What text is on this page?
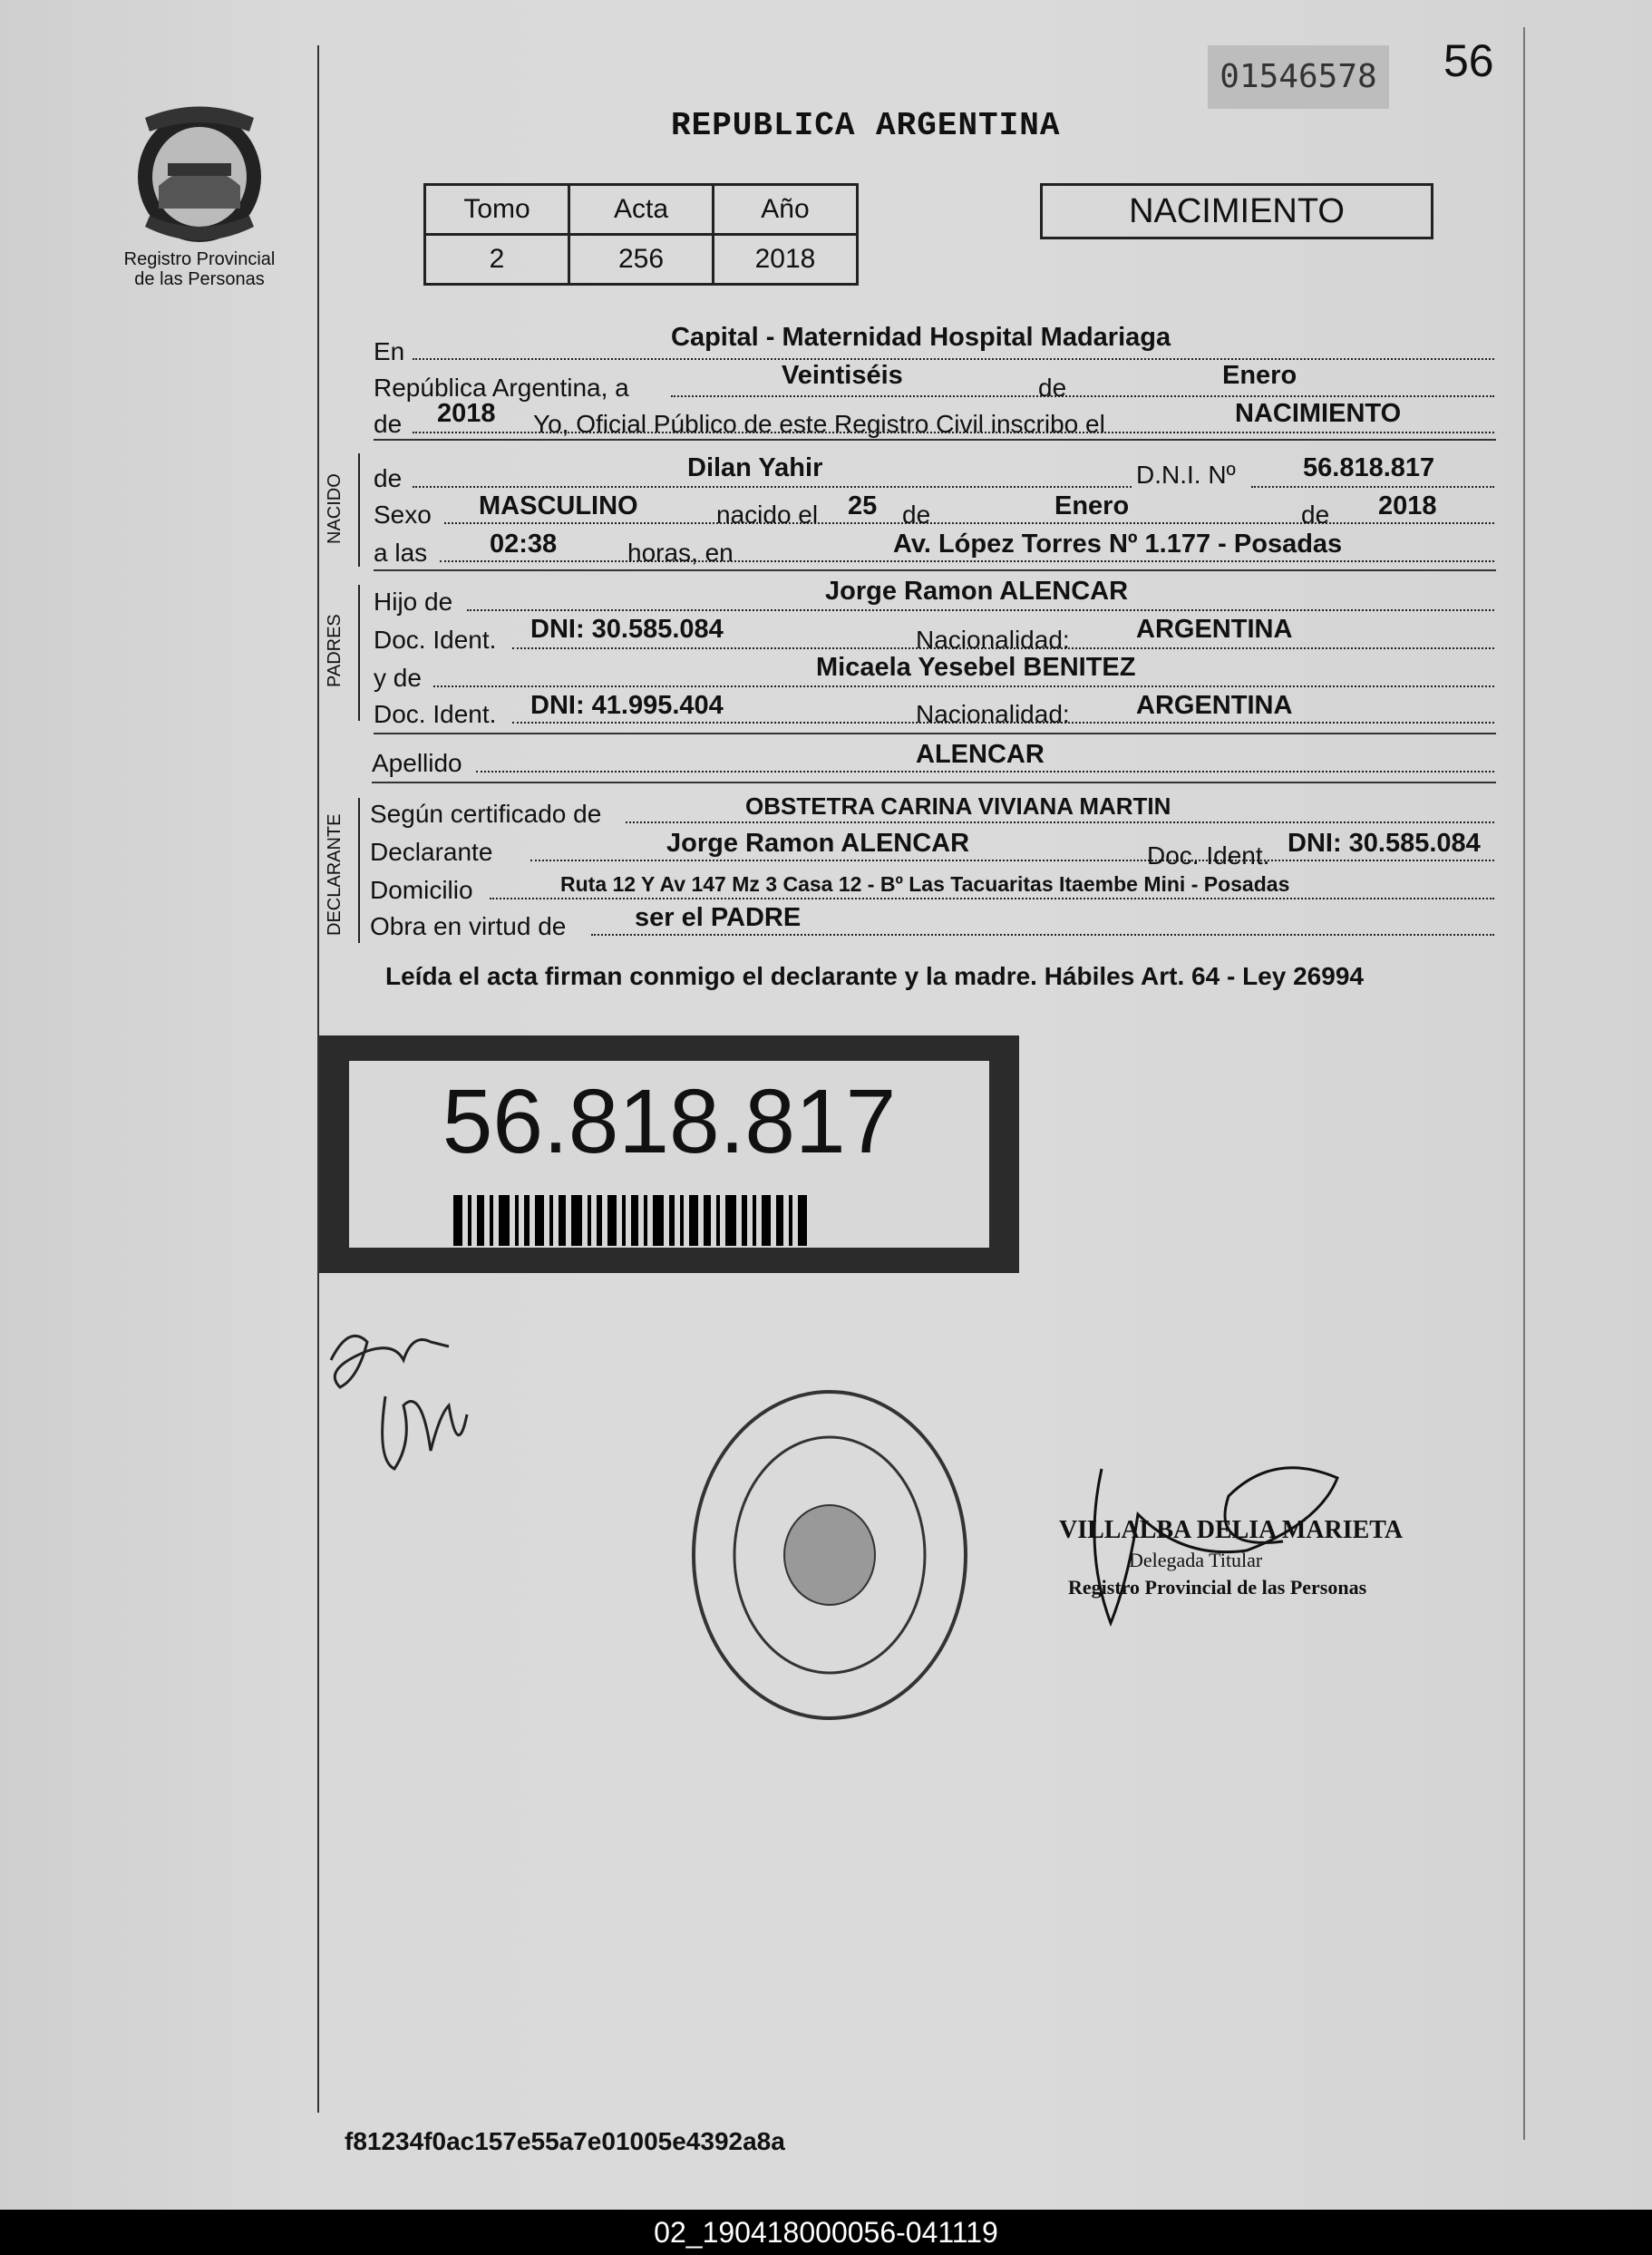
01546578 56
REPUBLICA ARGENTINA
Registro Provincial
de las Personas
Tomo	Acta	Año
2	256	2018
NACIMIENTO
En	Capital - Maternidad Hospital Madariaga
República Argentina, a	Veintiséis	de	Enero
de 2018 Yo, Oficial Público de este Registro Civil inscribo el	NACIMIENTO
NACIDO de	Dilan Yahir	D.N.I. Nº	56.818.817
Sexo MASCULINO	nacido el 25 de	Enero	de 2018
a las 02:38	horas, en	Av. López Torres Nº 1.177 - Posadas
PADRES
Hijo de	Jorge Ramon ALENCAR
Doc. Ident. DNI: 30.585.084	Nacionalidad:	ARGENTINA
y de	Micaela Yesebel BENITEZ
Doc. Ident. DNI: 41.995.404	Nacionalidad:	ARGENTINA
Apellido	ALENCAR
DECLARANTE
Según certificado de	OBSTETRA CARINA VIVIANA MARTIN
Declarante	Jorge Ramon ALENCAR	Doc. Ident. DNI: 30.585.084
Domicilio	Ruta 12 Y Av 147 Mz 3 Casa 12 - Bº Las Tacuaritas Itaembe Mini - Posadas
Obra en virtud de	ser el PADRE
Leída el acta firman conmigo el declarante y la madre. Hábiles Art. 64 - Ley 26994
56.818.817
VILLALBA DELIA MARIETA
Delegada Titular
Registro Provincial de las Personas
f81234f0ac157e55a7e01005e4392a8a
02_190418000056-041119
